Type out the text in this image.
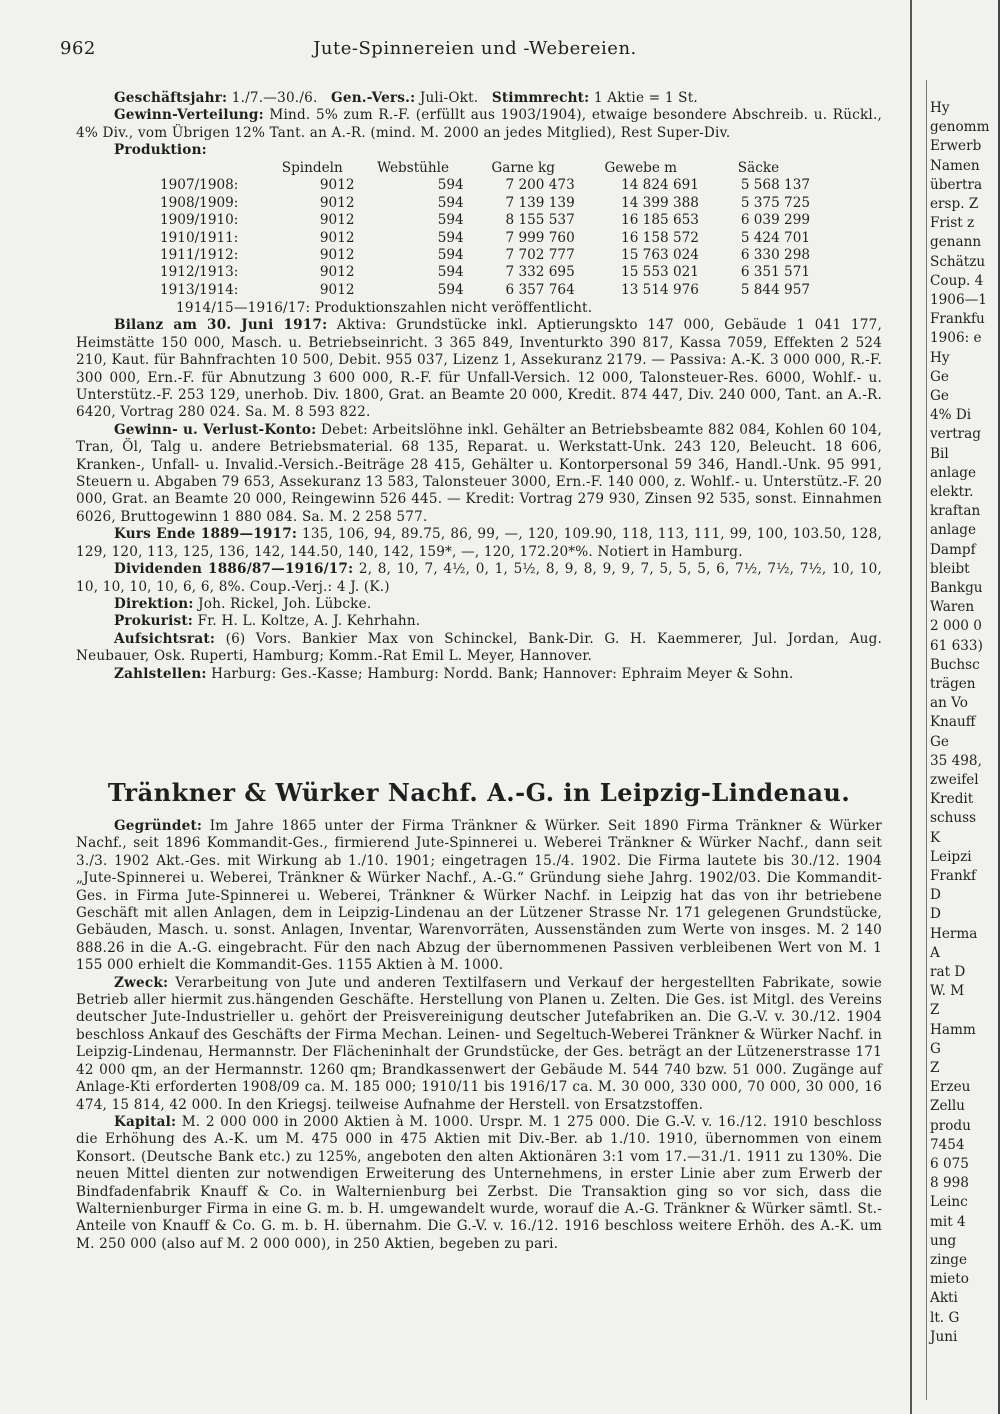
962	Jute-Spinnereien und -Webereien.

Geschäftsjahr: 1./7.—30./6. Gen.-Vers.: Juli-Okt. Stimmrecht: 1 Aktie = 1 St.

Gewinn-Verteilung: Mind. 5% zum R.-F. (erfüllt aus 1903/1904), etwaige besondere Abschreib. u. Rückl., 4% Div., vom Übrigen 12% Tant. an A.-R. (mind. M. 2000 an jedes Mitglied), Rest Super-Div.

Produktion:

	Spindeln	Webstühle	Garne kg	Gewebe m	Säcke
1907/1908:	9012	594	7 200 473	14 824 691	5 568 137
1908/1909:	9012	594	7 139 139	14 399 388	5 375 725
1909/1910:	9012	594	8 155 537	16 185 653	6 039 299
1910/1911:	9012	594	7 999 760	16 158 572	5 424 701
1911/1912:	9012	594	7 702 777	15 763 024	6 330 298
1912/1913:	9012	594	7 332 695	15 553 021	6 351 571
1913/1914:	9012	594	6 357 764	13 514 976	5 844 957

1914/15—1916/17: Produktionszahlen nicht veröffentlicht.

Bilanz am 30. Juni 1917: Aktiva: Grundstücke inkl. Aptierungskto 147 000, Gebäude 1 041 177, Heimstätte 150 000, Masch. u. Betriebseinricht. 3 365 849, Inventurkto 390 817, Kassa 7059, Effekten 2 524 210, Kaut. für Bahnfrachten 10 500, Debit. 955 037, Lizenz 1, Assekuranz 2179. — Passiva: A.-K. 3 000 000, R.-F. 300 000, Ern.-F. für Abnutzung 3 600 000, R.-F. für Unfall-Versich. 12 000, Talonsteuer-Res. 6000, Wohlf.- u. Unterstütz.-F. 253 129, unerhob. Div. 1800, Grat. an Beamte 20 000, Kredit. 874 447, Div. 240 000, Tant. an A.-R. 6420, Vortrag 280 024. Sa. M. 8 593 822.

Gewinn- u. Verlust-Konto: Debet: Arbeitslöhne inkl. Gehälter an Betriebsbeamte 882 084, Kohlen 60 104, Tran, Öl, Talg u. andere Betriebsmaterial. 68 135, Reparat. u. Werkstatt-Unk. 243 120, Beleucht. 18 606, Kranken-, Unfall- u. Invalid.-Versich.-Beiträge 28 415, Gehälter u. Kontorpersonal 59 346, Handl.-Unk. 95 991, Steuern u. Abgaben 79 653, Assekuranz 13 583, Talonsteuer 3000, Ern.-F. 140 000, z. Wohlf.- u. Unterstütz.-F. 20 000, Grat. an Beamte 20 000, Reingewinn 526 445. — Kredit: Vortrag 279 930, Zinsen 92 535, sonst. Einnahmen 6026, Bruttogewinn 1 880 084. Sa. M. 2 258 577.

Kurs Ende 1889—1917: 135, 106, 94, 89.75, 86, 99, —, 120, 109.90, 118, 113, 111, 99, 100, 103.50, 128, 129, 120, 113, 125, 136, 142, 144.50, 140, 142, 159*, —, 120, 172.20*%. Notiert in Hamburg.

Dividenden 1886/87—1916/17: 2, 8, 10, 7, 4½, 0, 1, 5½, 8, 9, 8, 9, 9, 7, 5, 5, 5, 6, 7½, 7½, 7½, 10, 10, 10, 10, 10, 10, 6, 6, 8%. Coup.-Verj.: 4 J. (K.)

Direktion: Joh. Rickel, Joh. Lübcke.

Prokurist: Fr. H. L. Koltze, A. J. Kehrhahn.

Aufsichtsrat: (6) Vors. Bankier Max von Schinckel, Bank-Dir. G. H. Kaemmerer, Jul. Jordan, Aug. Neubauer, Osk. Ruperti, Hamburg; Komm.-Rat Emil L. Meyer, Hannover.

Zahlstellen: Harburg: Ges.-Kasse; Hamburg: Nordd. Bank; Hannover: Ephraim Meyer & Sohn.

Tränkner & Würker Nachf. A.-G. in Leipzig-Lindenau.

Gegründet: Im Jahre 1865 unter der Firma Tränkner & Würker. Seit 1890 Firma Tränkner & Würker Nachf., seit 1896 Kommandit-Ges., firmierend Jute-Spinnerei u. Weberei Tränkner & Würker Nachf., dann seit 3./3. 1902 Akt.-Ges. mit Wirkung ab 1./10. 1901; eingetragen 15./4. 1902. Die Firma lautete bis 30./12. 1904 „Jute-Spinnerei u. Weberei, Tränkner & Würker Nachf., A.-G.“ Gründung siehe Jahrg. 1902/03. Die Kommandit-Ges. in Firma Jute-Spinnerei u. Weberei, Tränkner & Würker Nachf. in Leipzig hat das von ihr betriebene Geschäft mit allen Anlagen, dem in Leipzig-Lindenau an der Lützener Strasse Nr. 171 gelegenen Grundstücke, Gebäuden, Masch. u. sonst. Anlagen, Inventar, Warenvorräten, Aussenständen zum Werte von insges. M. 2 140 888.26 in die A.-G. eingebracht. Für den nach Abzug der übernommenen Passiven verbleibenen Wert von M. 1 155 000 erhielt die Kommandit-Ges. 1155 Aktien à M. 1000.

Zweck: Verarbeitung von Jute und anderen Textilfasern und Verkauf der hergestellten Fabrikate, sowie Betrieb aller hiermit zus.hängenden Geschäfte. Herstellung von Planen u. Zelten. Die Ges. ist Mitgl. des Vereins deutscher Jute-Industrieller u. gehört der Preisvereinigung deutscher Jutefabriken an. Die G.-V. v. 30./12. 1904 beschloss Ankauf des Geschäfts der Firma Mechan. Leinen- und Segeltuch-Weberei Tränkner & Würker Nachf. in Leipzig-Lindenau, Hermannstr. Der Flächeninhalt der Grundstücke, der Ges. beträgt an der Lützenerstrasse 171 42 000 qm, an der Hermannstr. 1260 qm; Brandkassenwert der Gebäude M. 544 740 bzw. 51 000. Zugänge auf Anlage-Kti erforderten 1908/09 ca. M. 185 000; 1910/11 bis 1916/17 ca. M. 30 000, 330 000, 70 000, 30 000, 16 474, 15 814, 42 000. In den Kriegsj. teilweise Aufnahme der Herstell. von Ersatzstoffen.

Kapital: M. 2 000 000 in 2000 Aktien à M. 1000. Urspr. M. 1 275 000. Die G.-V. v. 16./12. 1910 beschloss die Erhöhung des A.-K. um M. 475 000 in 475 Aktien mit Div.-Ber. ab 1./10. 1910, übernommen von einem Konsort. (Deutsche Bank etc.) zu 125%, angeboten den alten Aktionären 3:1 vom 17.—31./1. 1911 zu 130%. Die neuen Mittel dienten zur notwendigen Erweiterung des Unternehmens, in erster Linie aber zum Erwerb der Bindfadenfabrik Knauff & Co. in Walternienburg bei Zerbst. Die Transaktion ging so vor sich, dass die Walternienburger Firma in eine G. m. b. H. umgewandelt wurde, worauf die A.-G. Tränkner & Würker sämtl. St.-Anteile von Knauff & Co. G. m. b. H. übernahm. Die G.-V. v. 16./12. 1916 beschloss weitere Erhöh. des A.-K. um M. 250 000 (also auf M. 2 000 000), in 250 Aktien, begeben zu pari.

Hy
genomm
Erwerb
Namen
übertra
ersp. Z
Frist z
genann
Schätzu
Coup. 4
1906—1
Frankfu
1906: e
Hy
Ge
Ge
4% Di
vertrag
Bil
anlage
elektr.
kraftan
anlage
Dampf
bleibt
Bankgu
Waren
2 000 0
61 633)
Buchsc
trägen
an Vo
Knauff
Ge
35 498,
zweifel
Kredit
schuss
K
Leipzi
Frankf
D
D
Herma
A
rat D
W. M
Z
Hamm
G
Z
Erzeu
Zellu
produ
7454
6 075
8 998
Leinc
mit 4
ung
zinge
mieto
Akti
lt. G
Juni
